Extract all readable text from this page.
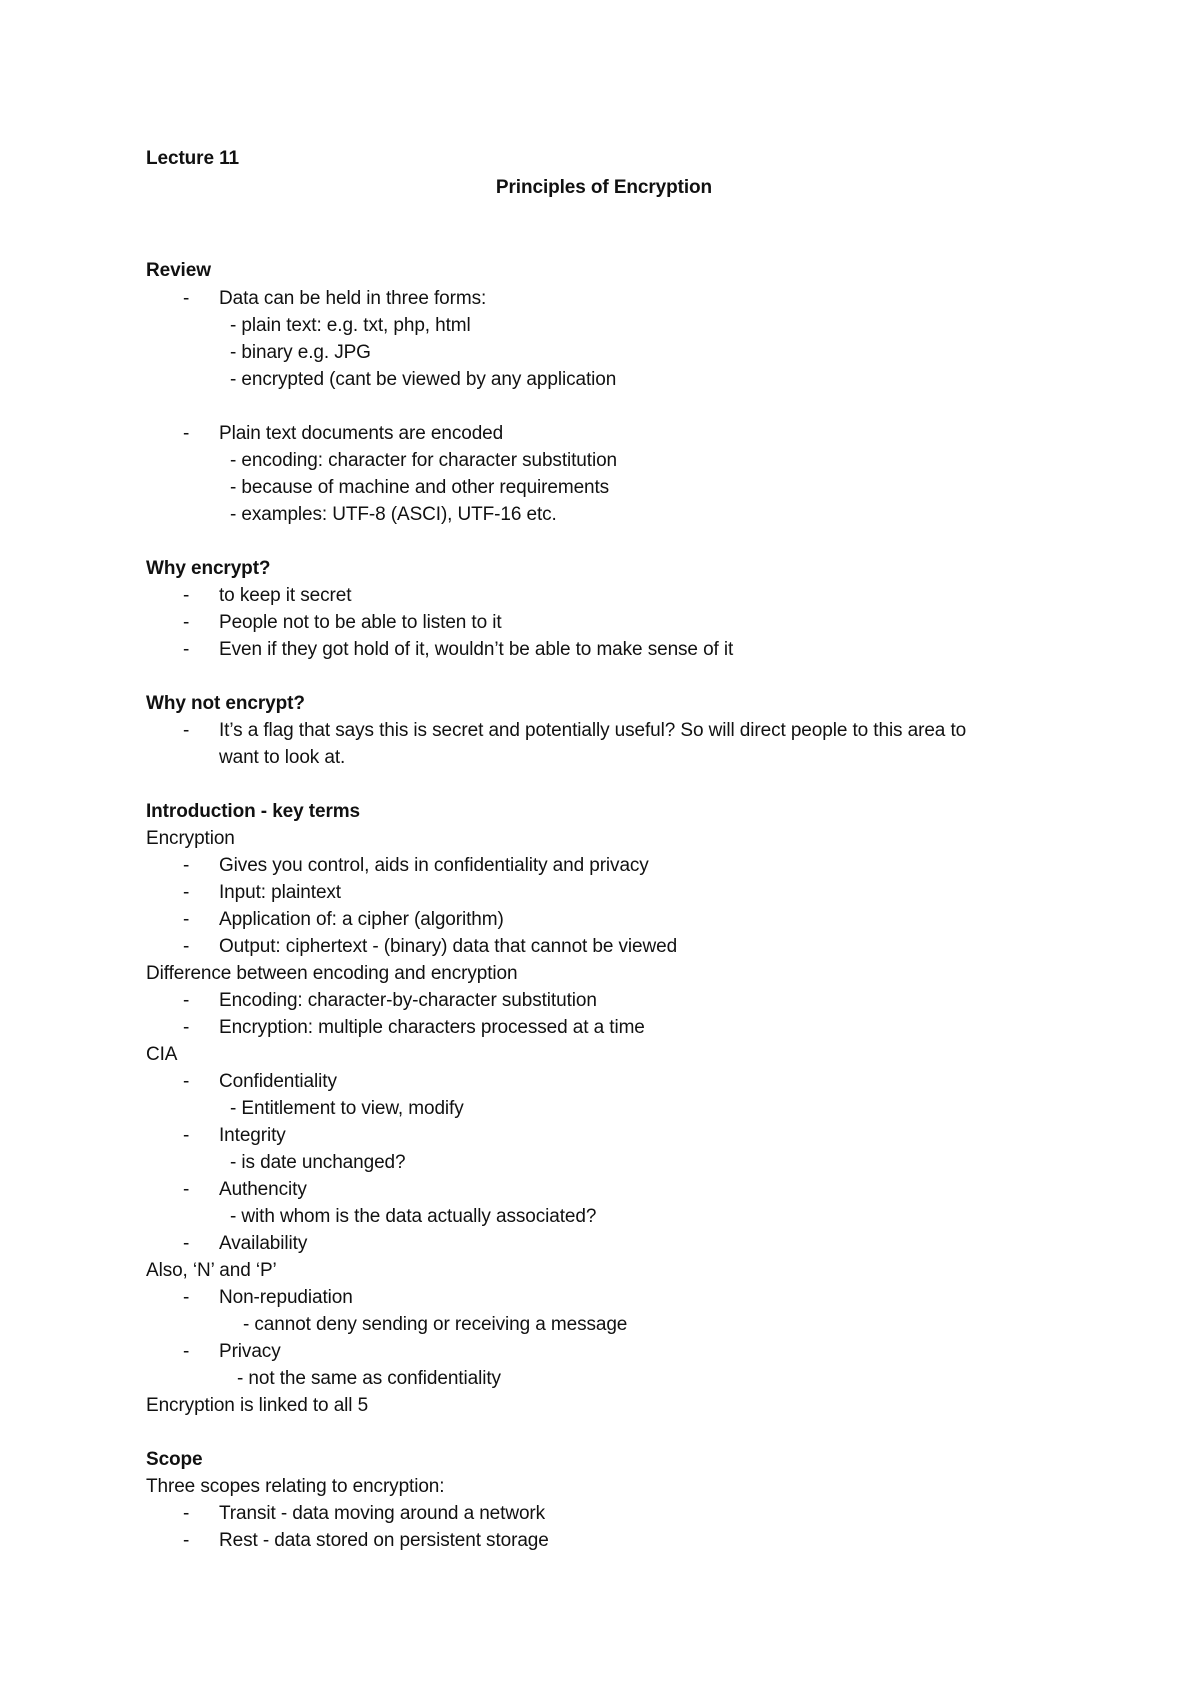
Lecture 11
Principles of Encryption
Review
- Data can be held in three forms:
- plain text: e.g. txt, php, html
- binary e.g. JPG
- encrypted (cant be viewed by any application
- Plain text documents are encoded
- encoding: character for character substitution
- because of machine and other requirements
- examples: UTF-8 (ASCI), UTF-16 etc.
Why encrypt?
- to keep it secret
- People not to be able to listen to it
- Even if they got hold of it, wouldn’t be able to make sense of it
Why not encrypt?
- It’s a flag that says this is secret and potentially useful? So will direct people to this area to
want to look at.
Introduction - key terms
Encryption
- Gives you control, aids in confidentiality and privacy
- Input: plaintext
- Application of: a cipher (algorithm)
- Output: ciphertext - (binary) data that cannot be viewed
Difference between encoding and encryption
- Encoding: character-by-character substitution
- Encryption: multiple characters processed at a time
CIA
- Confidentiality
- Entitlement to view, modify
- Integrity
- is date unchanged?
- Authencity
- with whom is the data actually associated?
- Availability
Also, ‘N’ and ‘P’
- Non-repudiation
- cannot deny sending or receiving a message
- Privacy
- not the same as confidentiality
Encryption is linked to all 5
Scope
Three scopes relating to encryption:
- Transit - data moving around a network
- Rest - data stored on persistent storage
